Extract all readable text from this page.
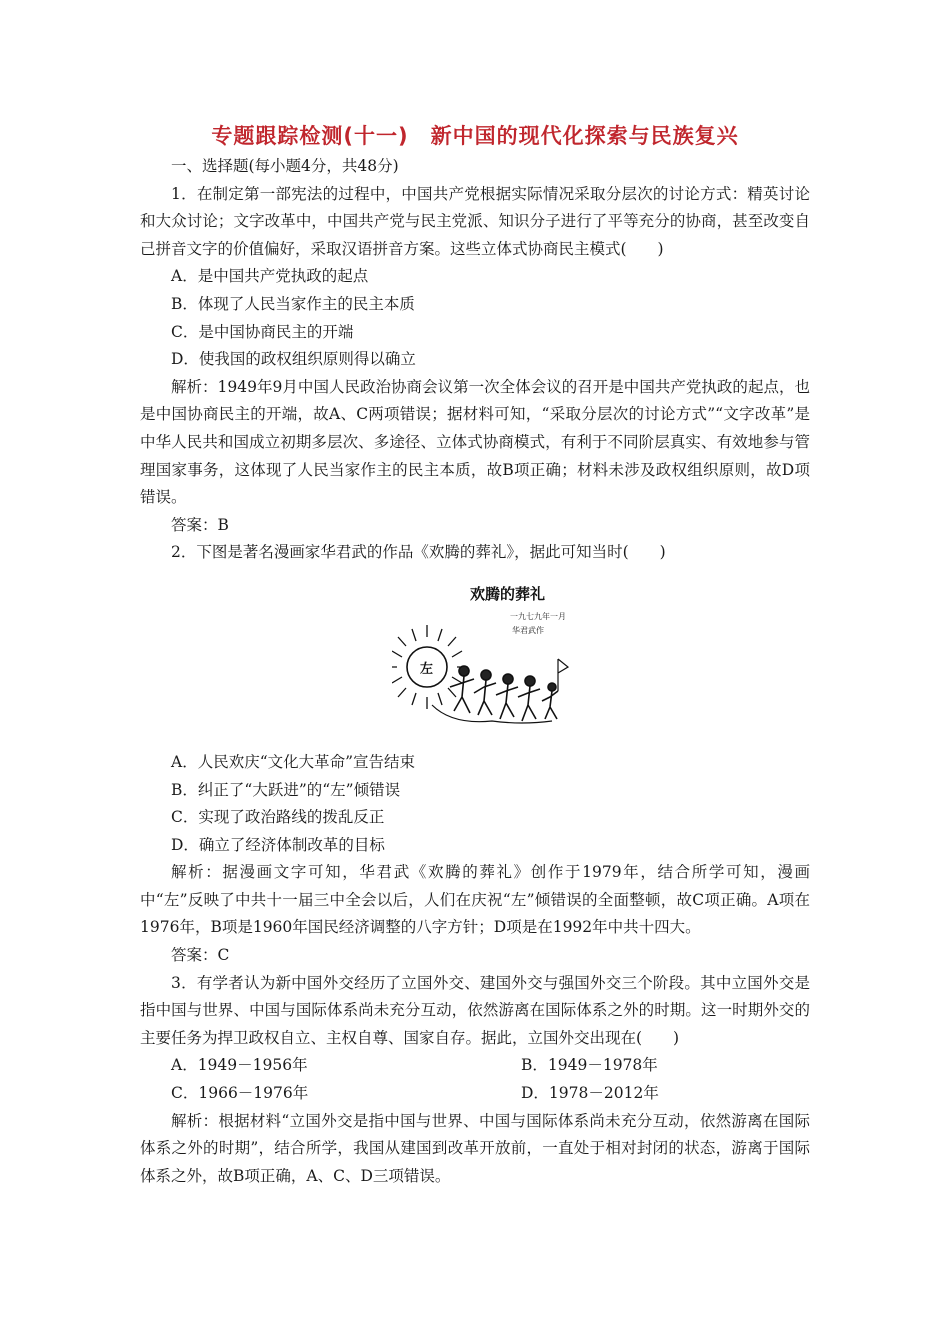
专题跟踪检测(十一)　新中国的现代化探索与民族复兴

一、选择题(每小题4分，共48分)

1．在制定第一部宪法的过程中，中国共产党根据实际情况采取分层次的讨论方式：精英讨论和大众讨论；文字改革中，中国共产党与民主党派、知识分子进行了平等充分的协商，甚至改变自己拼音文字的价值偏好，采取汉语拼音方案。这些立体式协商民主模式(　　)

A．是中国共产党执政的起点

B．体现了人民当家作主的民主本质

C．是中国协商民主的开端

D．使我国的政权组织原则得以确立

解析：1949年9月中国人民政治协商会议第一次全体会议的召开是中国共产党执政的起点，也是中国协商民主的开端，故A、C两项错误；据材料可知，“采取分层次的讨论方式”“文字改革”是中华人民共和国成立初期多层次、多途径、立体式协商模式，有利于不同阶层真实、有效地参与管理国家事务，这体现了人民当家作主的民主本质，故B项正确；材料未涉及政权组织原则，故D项错误。

答案：B

2．下图是著名漫画家华君武的作品《欢腾的葬礼》，据此可知当时(　　)

欢腾的葬礼
一九七九年一月
华君武作
左

A．人民欢庆“文化大革命”宣告结束

B．纠正了“大跃进”的“左”倾错误

C．实现了政治路线的拨乱反正

D．确立了经济体制改革的目标

解析：据漫画文字可知，华君武《欢腾的葬礼》创作于1979年，结合所学可知，漫画中“左”反映了中共十一届三中全会以后，人们在庆祝“左”倾错误的全面整顿，故C项正确。A项在1976年，B项是1960年国民经济调整的八字方针；D项是在1992年中共十四大。

答案：C

3．有学者认为新中国外交经历了立国外交、建国外交与强国外交三个阶段。其中立国外交是指中国与世界、中国与国际体系尚未充分互动，依然游离在国际体系之外的时期。这一时期外交的主要任务为捍卫政权自立、主权自尊、国家自存。据此，立国外交出现在(　　)

A．1949－1956年	B．1949－1978年
C．1966－1976年	D．1978－2012年

解析：根据材料“立国外交是指中国与世界、中国与国际体系尚未充分互动，依然游离在国际体系之外的时期”，结合所学，我国从建国到改革开放前，一直处于相对封闭的状态，游离于国际体系之外，故B项正确，A、C、D三项错误。
